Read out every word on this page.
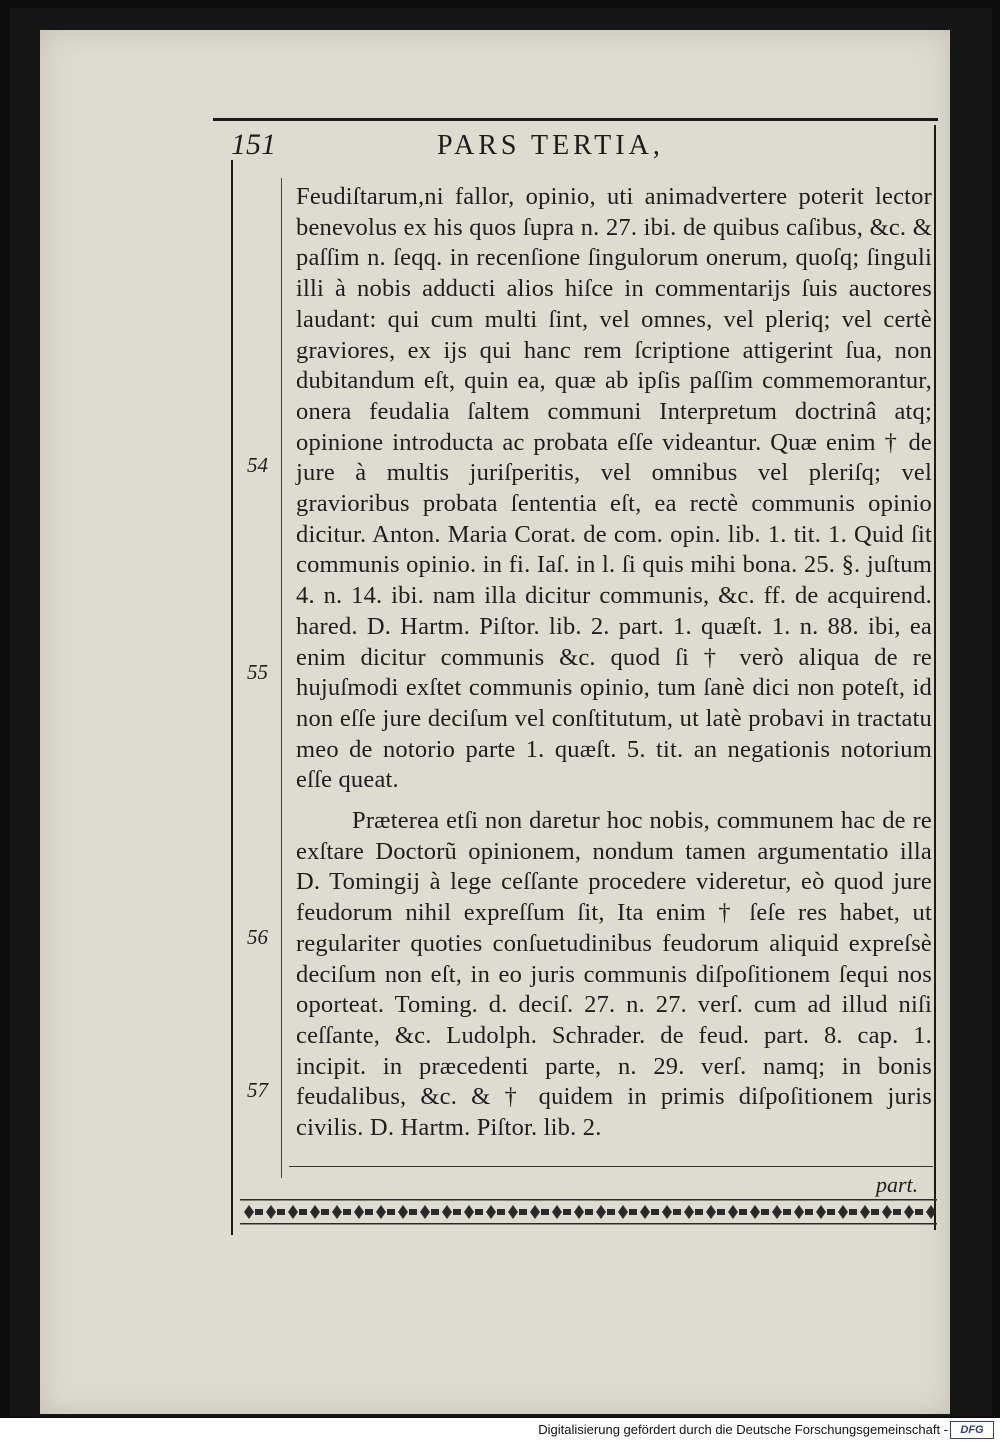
151	PARS TERTIA,

Feudiſtarum,ni fallor, opinio, uti animadvertere poterit lector benevolus ex his quos ſupra n. 27. ibi. de quibus caſibus, &c. & paſſim n. ſeqq. in recenſione ſingulorum onerum, quoſq; ſinguli illi à nobis adducti alios hiſce in commentarijs ſuis auctores laudant: qui cum multi ſint, vel omnes, vel pleriq; vel certè graviores, ex ijs qui hanc rem ſcriptione attigerint ſua, non dubitandum eſt, quin ea, quæ ab ipſis paſſim commemorantur, onera feudalia ſaltem communi Interpretum doctrinâ atq; opinione introducta ac probata eſſe videantur. Quæ enim † de jure à multis juriſperitis, vel omnibus vel pleriſq; vel gravioribus probata ſententia eſt, ea rectè communis opinio dicitur. Anton. Maria Corat. de com. opin. lib. 1. tit. 1. Quid ſit communis opinio. in fi. Iaſ. in l. ſi quis mihi bona. 25. §. juſtum 4. n. 14. ibi. nam illa dicitur communis, &c. ff. de acquirend. hared. D. Hartm. Piſtor. lib. 2. part. 1. quæſt. 1. n. 88. ibi, ea enim dicitur communis &c. quod ſi † verò aliqua de re hujuſmodi exſtet communis opinio, tum ſanè dici non poteſt, id non eſſe jure deciſum vel conſtitutum, ut latè probavi in tractatu meo de notorio parte 1. quæſt. 5. tit. an negationis notorium eſſe queat.

Præterea etſi non daretur hoc nobis, communem hac de re exſtare Doctorũ opinionem, nondum tamen argumentatio illa D. Tomingij à lege ceſſante procedere videretur, eò quod jure feudorum nihil expreſſum ſit, Ita enim † ſeſe res habet, ut regulariter quoties conſuetudinibus feudorum aliquid expreſsè deciſum non eſt, in eo juris communis diſpoſitionem ſequi nos oporteat. Toming. d. deciſ. 27. n. 27. verſ. cum ad illud niſi ceſſante, &c. Ludolph. Schrader. de feud. part. 8. cap. 1. incipit. in præcedenti parte, n. 29. verſ. namq; in bonis feudalibus, &c. & † quidem in primis diſpoſitionem juris civilis. D. Hartm. Piſtor. lib. 2.

54
55
56
57
part.
Digitalisierung gefördert durch die Deutsche Forschungsgemeinschaft -	DFG
